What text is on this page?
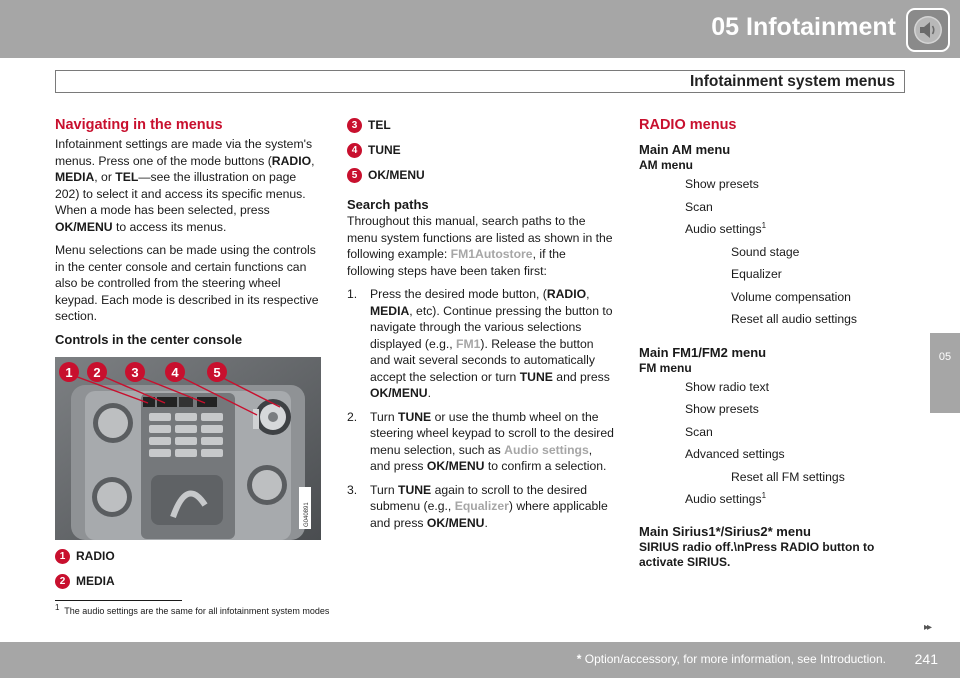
05 Infotainment
Infotainment system menus
05
Navigating in the menus

Infotainment settings are made via the system's menus. Press one of the mode buttons (RADIO, MEDIA, or TEL—see the illustration on page 202) to select it and access its specific menus. When a mode has been selected, press OK/MENU to access its menus.

Menu selections can be made using the controls in the center console and certain functions can also be controlled from the steering wheel keypad. Each mode is described in its respective section.

Controls in the center console
1 2 3	4	5
G040891
1 RADIO
2 MEDIA
3 TEL
4 TUNE
5 OK/MENU
Search paths

Throughout this manual, search paths to the menu system functions are listed as shown in the following example: FM1Autostore, if the following steps have been taken first:

1.	Press the desired mode button, (RADIO, MEDIA, etc). Continue pressing the button to navigate through the various selections displayed (e.g., FM1). Release the button and wait several seconds to automatically accept the selection or turn TUNE and press OK/MENU.
2.	Turn TUNE or use the thumb wheel on the steering wheel keypad to scroll to the desired menu selection, such as Audio settings, and press OK/MENU to confirm a selection.
3.	Turn TUNE again to scroll to the desired submenu (e.g., Equalizer) where applicable and press OK/MENU.
RADIO menus
Main AM menu
AM menu
Show presets
Scan
Audio settings$^1$
Sound stage
Equalizer
Volume compensation
Reset all audio settings
Main FM1/FM2 menu
FM menu
Show radio text
Show presets
Scan
Advanced settings
Reset all FM settings
Audio settings$^1$
Main Sirius1*/Sirius2* menu
SIRIUS radio off.\nPress RADIO button to activate SIRIUS.
$^1$ The audio settings are the same for all infotainment system modes
▸▸
* Option/accessory, for more information, see Introduction. 241
